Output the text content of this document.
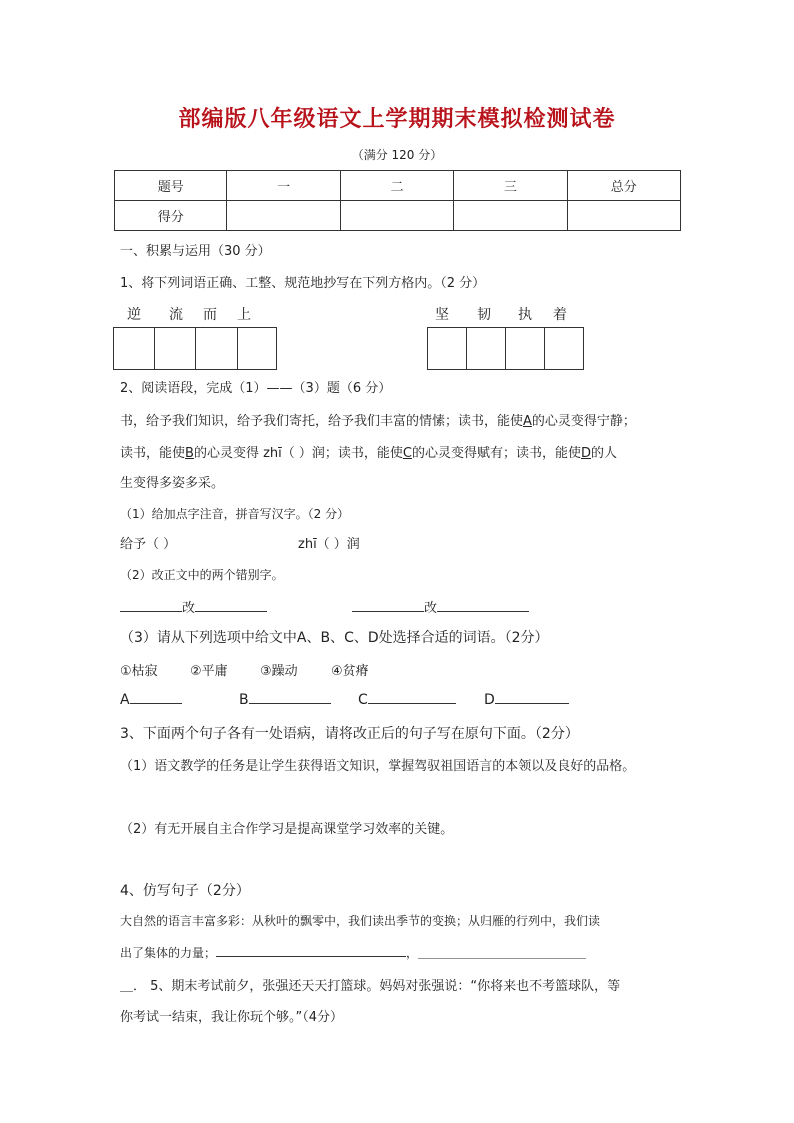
部编版八年级语文上学期期末模拟检测试卷
（满分 120 分）
题号	一	二	三	总分
得分				
一、积累与运用（30 分）
1、将下列词语正确、工整、规范地抄写在下列方格内。（2 分）
逆 流 而 上	坚 韧 执 着
2、阅读语段，完成（1）——（3）题（6 分）
书，给予我们知识，给予我们寄托，给予我们丰富的情愫；读书，能使A的心灵变得宁静；
读书，能使B的心灵变得 zhī（ ）润；读书，能使C的心灵变得赋有；读书，能使D的人
生变得多姿多采。
（1）给加点字注音，拼音写汉字。（2 分）
给予（ ）	zhī（ ）润
（2）改正文中的两个错别字。
改	改
（3）请从下列选项中给文中A、B、C、D处选择合适的词语。（2分）
①枯寂 ②平庸 ③躁动	④贫瘠
A	B	C	D
3、下面两个句子各有一处语病，请将改正后的句子写在原句下面。（2分）
（1）语文教学的任务是让学生获得语文知识，掌握驾驭祖国语言的本领以及良好的品格。
（2）有无开展自主合作学习是提高课堂学习效率的关键。
4、仿写句子（2分）
大自然的语言丰富多彩：从秋叶的飘零中，我们读出季节的变换；从归雁的行列中，我们读
出了集体的力量；	，＿＿＿＿＿＿＿＿＿＿＿＿＿＿
＿． 5、期末考试前夕，张强还天天打篮球。妈妈对张强说：“你将来也不考篮球队，等
你考试一结束，我让你玩个够。”（4分）
